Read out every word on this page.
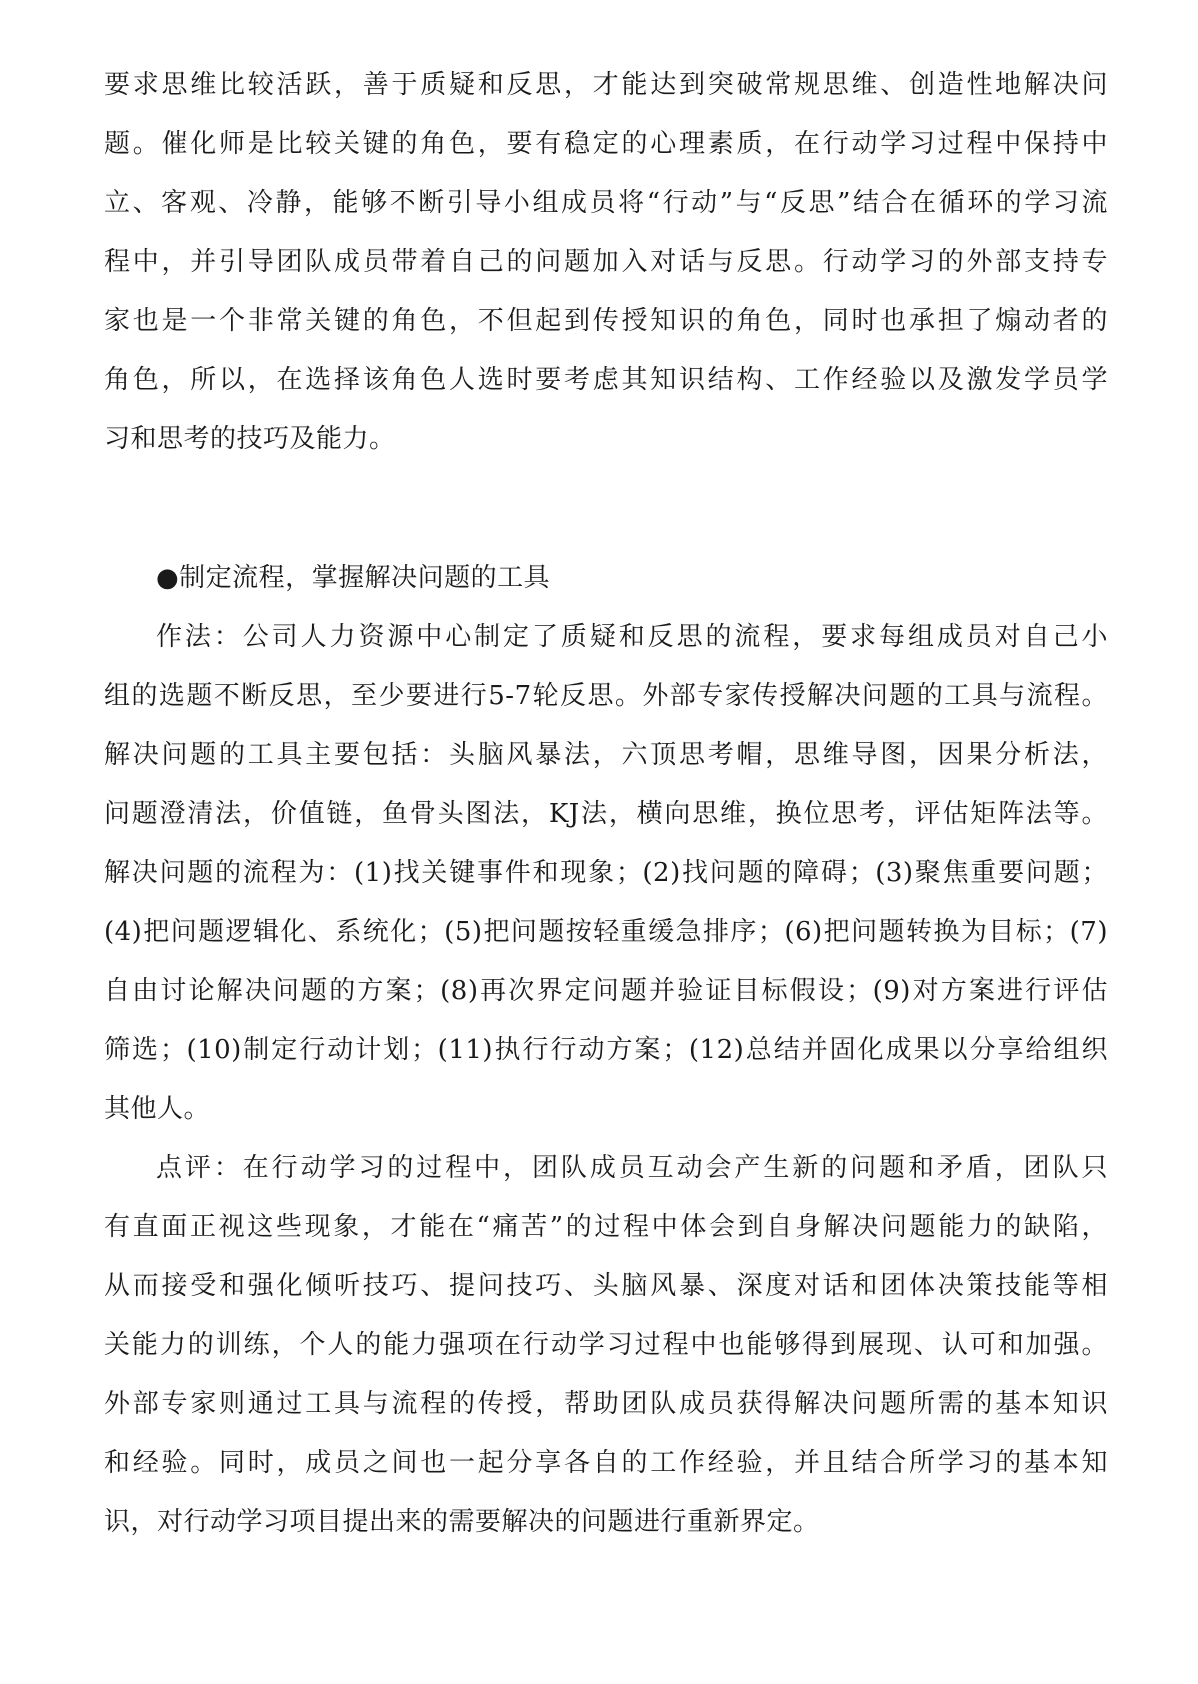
要求思维比较活跃，善于质疑和反思，才能达到突破常规思维、创造性地解决问
题。催化师是比较关键的角色，要有稳定的心理素质，在行动学习过程中保持中
立、客观、冷静，能够不断引导小组成员将“行动”与“反思”结合在循环的学习流
程中，并引导团队成员带着自己的问题加入对话与反思。行动学习的外部支持专
家也是一个非常关键的角色，不但起到传授知识的角色，同时也承担了煽动者的
角色，所以，在选择该角色人选时要考虑其知识结构、工作经验以及激发学员学
习和思考的技巧及能力。
●制定流程，掌握解决问题的工具
作法：公司人力资源中心制定了质疑和反思的流程，要求每组成员对自己小
组的选题不断反思，至少要进行5-7轮反思。外部专家传授解决问题的工具与流程。
解决问题的工具主要包括：头脑风暴法，六顶思考帽，思维导图，因果分析法，
问题澄清法，价值链，鱼骨头图法，KJ法，横向思维，换位思考，评估矩阵法等。
解决问题的流程为：(1)找关键事件和现象；(2)找问题的障碍；(3)聚焦重要问题；
(4)把问题逻辑化、系统化；(5)把问题按轻重缓急排序；(6)把问题转换为目标；(7)
自由讨论解决问题的方案；(8)再次界定问题并验证目标假设；(9)对方案进行评估
筛选；(10)制定行动计划；(11)执行行动方案；(12)总结并固化成果以分享给组织
其他人。
点评：在行动学习的过程中，团队成员互动会产生新的问题和矛盾，团队只
有直面正视这些现象，才能在“痛苦”的过程中体会到自身解决问题能力的缺陷，
从而接受和强化倾听技巧、提问技巧、头脑风暴、深度对话和团体决策技能等相
关能力的训练，个人的能力强项在行动学习过程中也能够得到展现、认可和加强。
外部专家则通过工具与流程的传授，帮助团队成员获得解决问题所需的基本知识
和经验。同时，成员之间也一起分享各自的工作经验，并且结合所学习的基本知
识，对行动学习项目提出来的需要解决的问题进行重新界定。
